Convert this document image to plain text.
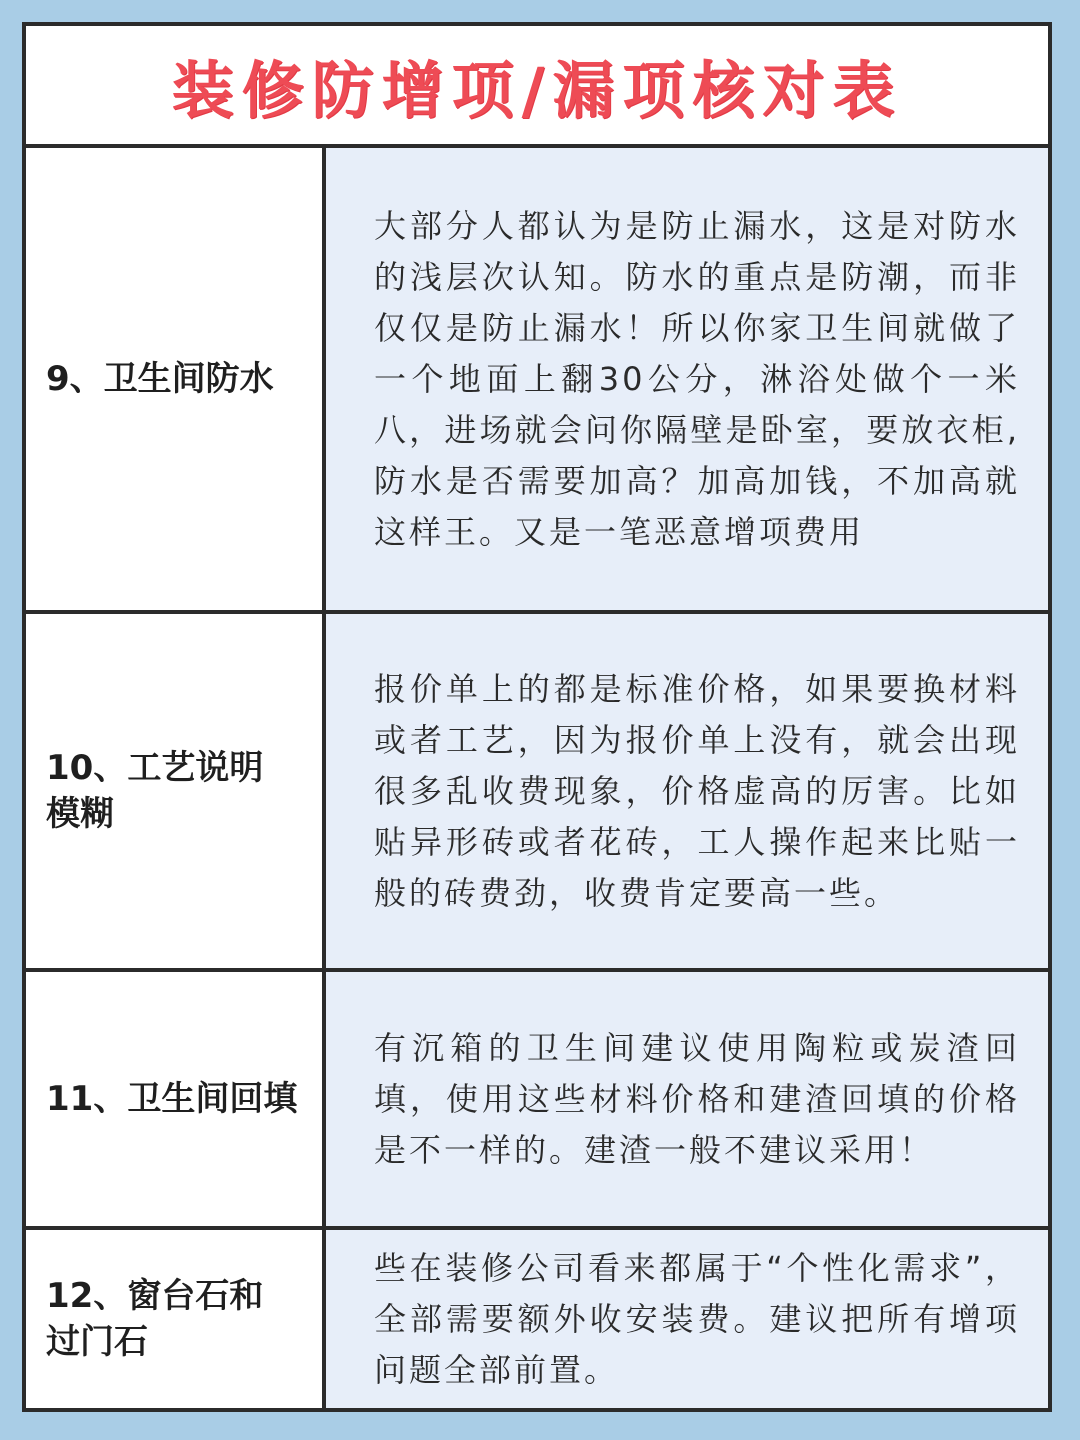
装修防增项/漏项核对表
9、卫生间防水
大部分人都认为是防止漏水，这是对防水的浅层次认知。防水的重点是防潮，而非仅仅是防止漏水！所以你家卫生间就做了一个地面上翻30公分，淋浴处做个一米八，进场就会问你隔壁是卧室，要放衣柜,防水是否需要加高？加高加钱，不加高就这样王。又是一笔恶意增项费用
10、工艺说明
模糊
报价单上的都是标准价格，如果要换材料或者工艺，因为报价单上没有，就会出现很多乱收费现象，价格虚高的厉害。比如贴异形砖或者花砖，工人操作起来比贴一般的砖费劲，收费肯定要高一些。
11、卫生间回填
有沉箱的卫生间建议使用陶粒或炭渣回填，使用这些材料价格和建渣回填的价格是不一样的。建渣一般不建议采用！
12、窗台石和
过门石
些在装修公司看来都属于“个性化需求”，全部需要额外收安装费。建议把所有增项问题全部前置。
